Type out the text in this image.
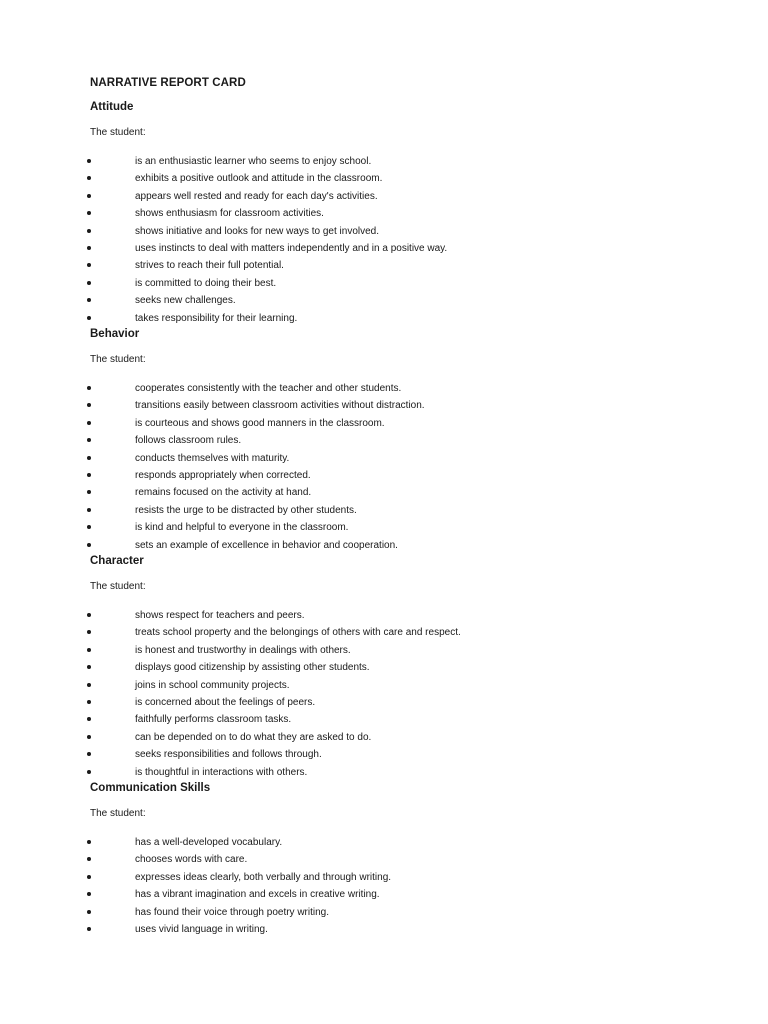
NARRATIVE REPORT CARD
Attitude

The student:

is an enthusiastic learner who seems to enjoy school.
exhibits a positive outlook and attitude in the classroom.
appears well rested and ready for each day's activities.
shows enthusiasm for classroom activities.
shows initiative and looks for new ways to get involved.
uses instincts to deal with matters independently and in a positive way.
strives to reach their full potential.
is committed to doing their best.
seeks new challenges.
takes responsibility for their learning.
Behavior

The student:

cooperates consistently with the teacher and other students.
transitions easily between classroom activities without distraction.
is courteous and shows good manners in the classroom.
follows classroom rules.
conducts themselves with maturity.
responds appropriately when corrected.
remains focused on the activity at hand.
resists the urge to be distracted by other students.
is kind and helpful to everyone in the classroom.
sets an example of excellence in behavior and cooperation.
Character

The student:

shows respect for teachers and peers.
treats school property and the belongings of others with care and respect.
is honest and trustworthy in dealings with others.
displays good citizenship by assisting other students.
joins in school community projects.
is concerned about the feelings of peers.
faithfully performs classroom tasks.
can be depended on to do what they are asked to do.
seeks responsibilities and follows through.
is thoughtful in interactions with others.
Communication Skills

The student:

has a well-developed vocabulary.
chooses words with care.
expresses ideas clearly, both verbally and through writing.
has a vibrant imagination and excels in creative writing.
has found their voice through poetry writing.
uses vivid language in writing.
